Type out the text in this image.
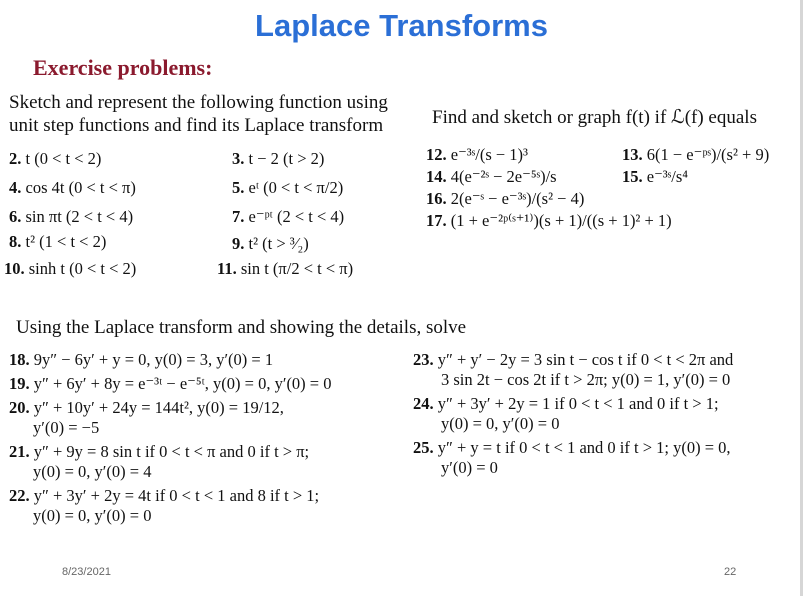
Laplace Transforms
Exercise problems:
Sketch and represent the following function using
unit step functions and find its Laplace transform	Find and sketch or graph f(t) if ℒ(f) equals
2. t (0 < t < 2)	3. t − 2 (t > 2)
4. cos 4t (0 < t < π)	5. eᵗ (0 < t < π/2)
6. sin πt (2 < t < 4)	7. e⁻ᵖᵗ (2 < t < 4)
8. t² (1 < t < 2)	9. t² (t > ³⁄₂)
10. sinh t (0 < t < 2)	11. sin t (π/2 < t < π)
12. e⁻³ˢ/(s − 1)³	13. 6(1 − e⁻ᵖˢ)/(s² + 9)
14. 4(e⁻²ˢ − 2e⁻⁵ˢ)/s	15. e⁻³ˢ/s⁴
16. 2(e⁻ˢ − e⁻³ˢ)/(s² − 4)
17. (1 + e⁻²ᵖ⁽ˢ⁺¹⁾)(s + 1)/((s + 1)² + 1)
Using the Laplace transform and showing the details, solve
18. 9y″ − 6y′ + y = 0, y(0) = 3, y′(0) = 1
19. y″ + 6y′ + 8y = e⁻³ᵗ − e⁻⁵ᵗ, y(0) = 0, y′(0) = 0
20. y″ + 10y′ + 24y = 144t², y(0) = 19/12,
y′(0) = −5
21. y″ + 9y = 8 sin t if 0 < t < π and 0 if t > π;
y(0) = 0, y′(0) = 4
22. y″ + 3y′ + 2y = 4t if 0 < t < 1 and 8 if t > 1;
y(0) = 0, y′(0) = 0
23. y″ + y′ − 2y = 3 sin t − cos t if 0 < t < 2π and
3 sin 2t − cos 2t if t > 2π; y(0) = 1, y′(0) = 0
24. y″ + 3y′ + 2y = 1 if 0 < t < 1 and 0 if t > 1;
y(0) = 0, y′(0) = 0
25. y″ + y = t if 0 < t < 1 and 0 if t > 1; y(0) = 0,
y′(0) = 0
8/23/2021	22
